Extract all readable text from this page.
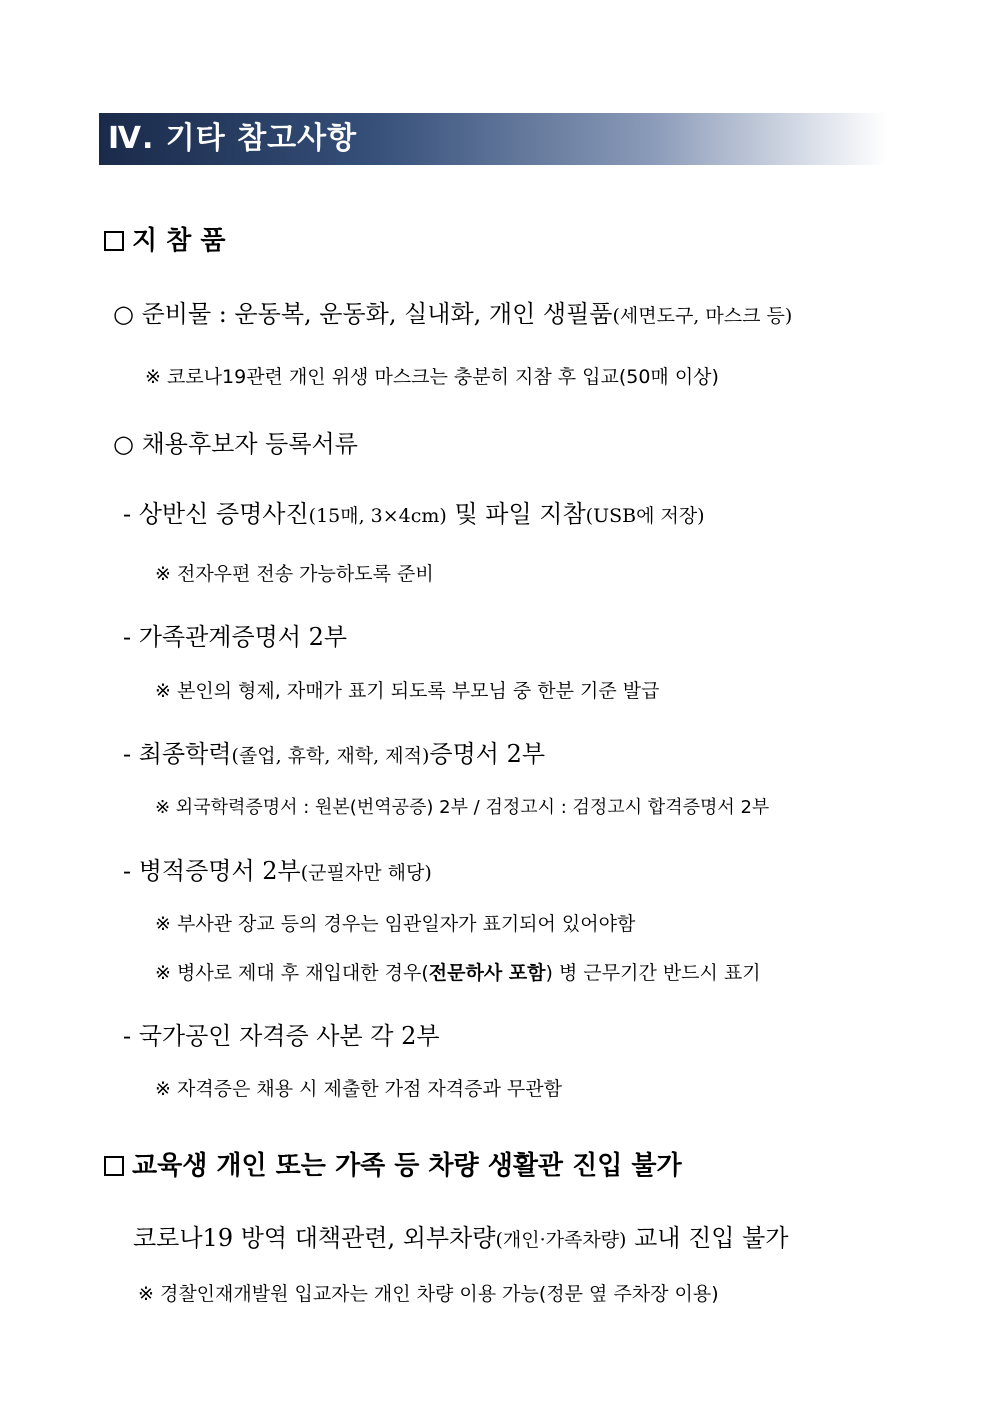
Ⅳ. 기타 참고사항
지 참 품
○ 준비물 : 운동복, 운동화, 실내화, 개인 생필품(세면도구, 마스크 등)
※ 코로나19관련 개인 위생 마스크는 충분히 지참 후 입교(50매 이상)
○ 채용후보자 등록서류
- 상반신 증명사진(15매, 3×4cm) 및 파일 지참(USB에 저장)
※ 전자우편 전송 가능하도록 준비
- 가족관계증명서 2부
※ 본인의 형제, 자매가 표기 되도록 부모님 중 한분 기준 발급
- 최종학력(졸업, 휴학, 재학, 제적)증명서 2부
※ 외국학력증명서 : 원본(번역공증) 2부 / 검정고시 : 검정고시 합격증명서 2부
- 병적증명서 2부(군필자만 해당)
※ 부사관 장교 등의 경우는 임관일자가 표기되어 있어야함
※ 병사로 제대 후 재입대한 경우(전문하사 포함) 병 근무기간 반드시 표기
- 국가공인 자격증 사본 각 2부
※ 자격증은 채용 시 제출한 가점 자격증과 무관함
교육생 개인 또는 가족 등 차량 생활관 진입 불가
코로나19 방역 대책관련, 외부차량(개인·가족차량) 교내 진입 불가
※ 경찰인재개발원 입교자는 개인 차량 이용 가능(정문 옆 주차장 이용)
